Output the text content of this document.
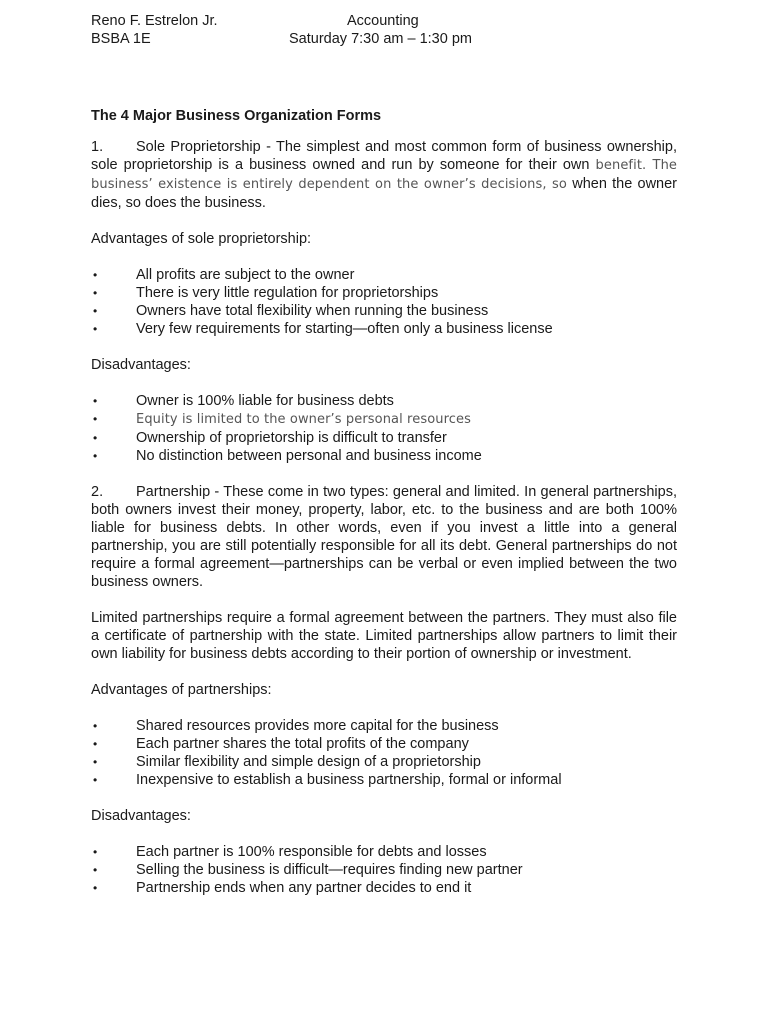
Reno F. Estrelon Jr.
BSBA 1E
Accounting
Saturday 7:30 am – 1:30 pm

The 4 Major Business Organization Forms

1. Sole Proprietorship - The simplest and most common form of business ownership, sole proprietorship is a business owned and run by someone for their own benefit. The business’ existence is entirely dependent on the owner’s decisions, so when the owner dies, so does the business.

Advantages of sole proprietorship:

•	All profits are subject to the owner
•	There is very little regulation for proprietorships
•	Owners have total flexibility when running the business
•	Very few requirements for starting—often only a business license

Disadvantages:

•	Owner is 100% liable for business debts
•	Equity is limited to the owner’s personal resources
•	Ownership of proprietorship is difficult to transfer
•	No distinction between personal and business income

2. Partnership - These come in two types: general and limited. In general partnerships, both owners invest their money, property, labor, etc. to the business and are both 100% liable for business debts. In other words, even if you invest a little into a general partnership, you are still potentially responsible for all its debt. General partnerships do not require a formal agreement—partnerships can be verbal or even implied between the two business owners.

Limited partnerships require a formal agreement between the partners. They must also file a certificate of partnership with the state. Limited partnerships allow partners to limit their own liability for business debts according to their portion of ownership or investment.

Advantages of partnerships:

•	Shared resources provides more capital for the business
•	Each partner shares the total profits of the company
•	Similar flexibility and simple design of a proprietorship
•	Inexpensive to establish a business partnership, formal or informal

Disadvantages:

•	Each partner is 100% responsible for debts and losses
•	Selling the business is difficult—requires finding new partner
•	Partnership ends when any partner decides to end it
